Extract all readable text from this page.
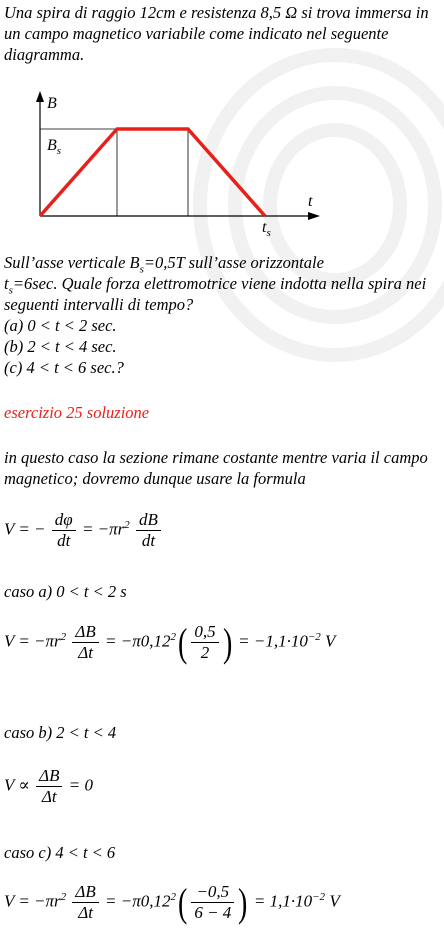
Una spira di raggio 12cm e resistenza 8,5 Ω si trova immersa in un campo magnetico variabile come indicato nel seguente diagramma.

B
$B_s$
t
$t_s$
Sull’asse verticale $B_s=0,5T$ sull’asse orizzontale
$t_s=6\sec$. Quale forza elettromotrice viene indotta nella spira nei seguenti intervalli di tempo?
(a) 0 < t < 2 sec.
(b) 2 < t < 4 sec.
(c) 4 < t < 6 sec.?

esercizio 25 soluzione

in questo caso la sezione rimane costante mentre varia il campo magnetico; dovremo dunque usare la formula

V = − $\frac{d\varphi}{dt} = -\pi r^2 \frac{dB}{dt}$
caso a) 0 < t < 2 s
$V = -\pi r^2 \frac{\Delta B}{\Delta t} = -\pi 0,12^2( \frac{0,5}{2}$ ) = $-1,1\cdot 10^{-2}$ V
caso b) 2 < t < 4
$V \propto \frac{\Delta B}{\Delta t} = 0$
caso c) 4 < t < 6
$V = -\pi r^2 \frac{\Delta B}{\Delta t} = -\pi 0,12^2( \frac{-0,5}{6 - 4}$ ) = $1,1\cdot 10^{-2}$ V
